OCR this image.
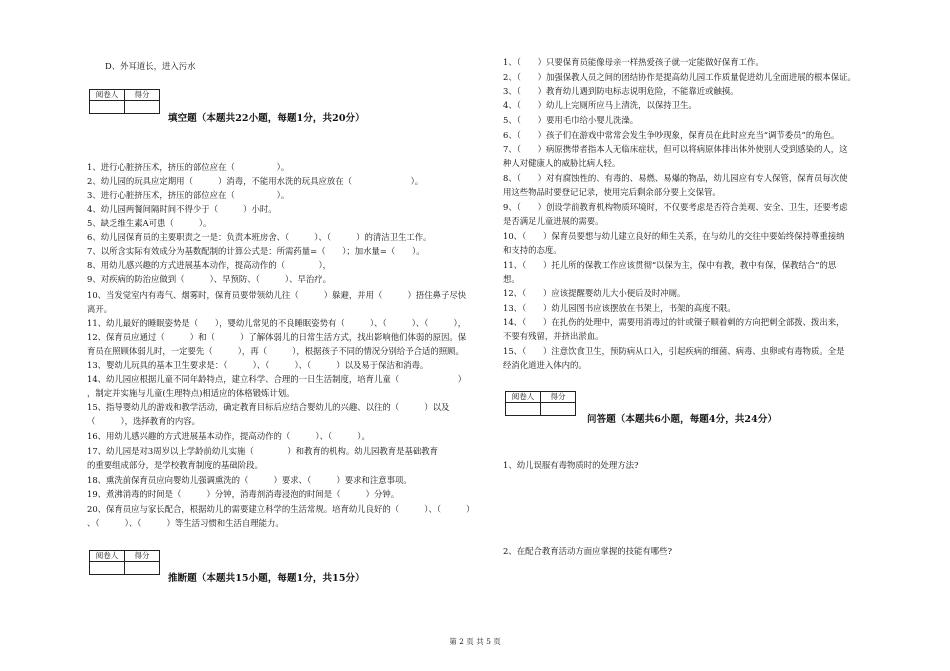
D、外耳道长，进入污水
阅卷人	得分

填空题（本题共22小题，每题1分，共20分）
1、进行心脏挤压术，挤压的部位应在（　　　　　）。
2、幼儿园的玩具应定期用（　　　）消毒，不能用水洗的玩具应放在（　　　　　　　）。
3、进行心脏挤压术，挤压的部位应在（　　　　　）。
4、幼儿园两餐间隔时间不得少于（　　　）小时。
5、缺乏维生素A可患（　　　）。
6、幼儿园保育员的主要职责之一是：负责本班房舍、（　　　）、（　　　）的清洁卫生工作。
7、以所含实际有效成分为基数配制的计算公式是：所需药量=（　　）；加水量=（　　）。
8、用幼儿感兴趣的方式进展基本动作，提高动作的（　　　　），
9、对疾病的防治应做到（　　　）、早预防、（　　　）、早治疗。
10、当发觉室内有毒气、烟雾时，保育员要带领幼儿往（　　　）躲避，并用（　　　）捂住鼻子尽快
离开。
11、幼儿最好的睡眠姿势是（　　），婴幼儿常见的不良睡眠姿势有（　　　）、（　　　）、（　　　），
12、保育员应通过（　　　）和（　　　）了解体弱儿的日常生活方式，找出影响他们体弱的原因。保
育员在照顾体弱儿时，一定要先（　　　），再（　　　），根据孩子不同的情况分别给予合适的照顾。
13、婴幼儿玩具的基本卫生要求是：（　　　）、（　　　）、（　　　）以及易于保洁和消毒。
14、幼儿园应根据儿童不同年龄特点，建立科学、合理的一日生活制度，培育儿童（　　　　　　　）
，制定并实施与儿童(生理特点)相适应的体格锻炼计划。
15、指导婴幼儿的游戏和教学活动，确定教育目标后应结合婴幼儿的兴趣、以往的（　　　）以及
（　　　），选择教育的内容。
16、用幼儿感兴趣的方式进展基本动作，提高动作的（　　　）、（　　　）。
17、幼儿园是对3周岁以上学龄前幼儿实施（　　　　）和教育的机构。幼儿园教育是基础教育
的重要组成部分，是学校教育制度的基础阶段。
18、熏洗前保育员应向婴幼儿强调熏洗的（　　　）要求、（　　　）要求和注意事项。
19、煮沸消毒的时间是（　　　）分钟，消毒剂消毒浸泡的时间是（　　　）分钟。
20、保育员应与家长配合，根据幼儿的需要建立科学的生活常规。培育幼儿良好的（　　　）、（　　　）
、（　　　）、（　　　）等生活习惯和生活自理能力。
阅卷人	得分

推断题（本题共15小题，每题1分，共15分）
1、（　　）只要保育员能像母亲一样热爱孩子就一定能做好保育工作。
2、（　　）加强保教人员之间的团结协作是提高幼儿园工作质量促进幼儿全面进展的根本保证。
3、（　　）教育幼儿遇到防电标志说明危险，不能靠近或触摸。
4、（　　）幼儿上完厕所应马上清洗，以保持卫生。
5、（　　）要用毛巾给小婴儿洗澡。
6、（　　）孩子们在游戏中常常会发生争吵现象，保育员在此时应充当“调节委员”的角色。
7、（　　）病原携带者指本人无临床症状，但可以将病原体排出体外使别人受到感染的人，这
种人对健康人的威胁比病人轻。
8、（　　）对有腐蚀性的、有毒的、易燃、易爆的物品，幼儿园应有专人保管，保育员每次使
用这些物品时要登记记录，使用完后剩余部分要上交保管。
9、（　　）创设学前教育机构物质环境时，不仅要考虑是否符合美观、安全、卫生，还要考虑
是否满足儿童进展的需要。
10、（　　）保育员要想与幼儿建立良好的师生关系，在与幼儿的交往中要始终保持尊重接纳
和支持的态度。
11、（　　）托儿所的保教工作应该贯彻“以保为主，保中有教，教中有保，保教结合”的思
想。
12、（　　）应该提醒婴幼儿大小便后及时冲厕。
13、（　　）幼儿园图书应该摆放在书架上，书架的高度不限。
14、（　　）在扎伤的处理中，需要用消毒过的针或镊子顺着刺的方向把刺全部拨、拨出来，
不要有残留，并挤出淤血。
15、（　　）注意饮食卫生，预防病从口入，引起疾病的细菌、病毒、虫卵或有毒物质。全是
经消化道进入体内的。
阅卷人	得分

问答题（本题共6小题，每题4分，共24分）
1、幼儿误服有毒物质时的处理方法?
2、在配合教育活动方面应掌握的技能有哪些?
第 2 页 共 5 页
